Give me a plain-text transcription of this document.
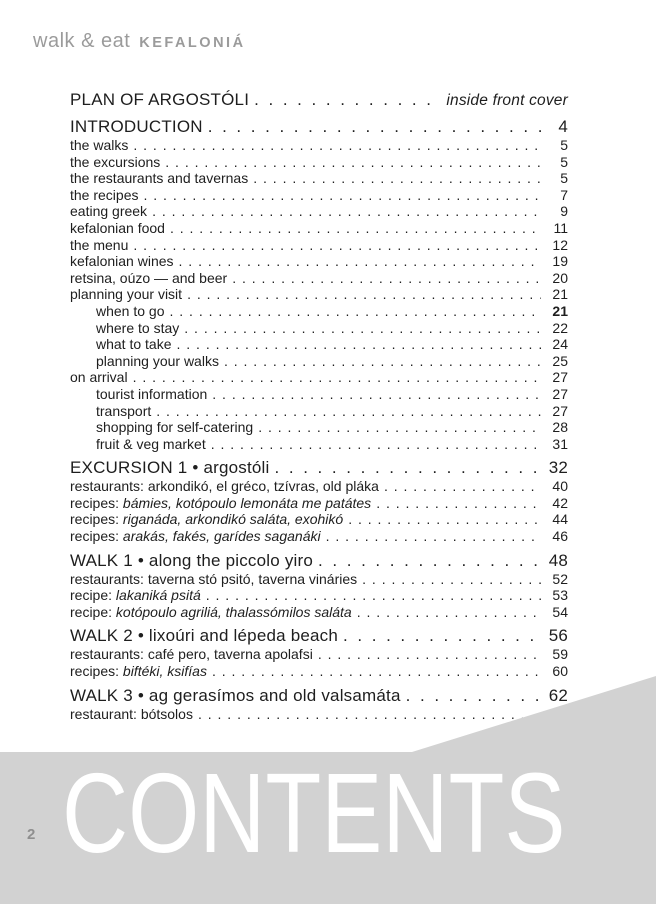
walk & eat KEFALONIÁ
PLAN OF ARGOSTÓLI . . .	inside front cover
INTRODUCTION . . .	4
the walks . . .	5
the excursions . . .	5
the restaurants and tavernas . . .	5
the recipes . . .	7
eating greek . . .	9
kefalonian food . . .	11
the menu . . .	12
kefalonian wines . . .	19
retsina, oúzo — and beer . . .	20
planning your visit . . .	21
when to go . . .	21
where to stay . . .	22
what to take . . .	24
planning your walks . . .	25
on arrival . . .	27
tourist information . . .	27
transport . . .	27
shopping for self-catering . . .	28
fruit & veg market . . .	31
EXCURSION 1 • argostóli . . .	32
restaurants: arkondikó, el gréco, tzívras, old pláka . . .	40
recipes: bámies, kotópoulo lemonáta me patátes . . .	42
recipes: riganáda, arkondikó saláta, exohikó . . .	44
recipes: arakás, fakés, garídes saganáki . . .	46
WALK 1 • along the piccolo yiro . . .	48
restaurants: taverna stó psitó, taverna vináries . . .	52
recipe: lakaniká psitá . . .	53
recipe: kotópoulo agriliá, thalassómilos saláta . . .	54
WALK 2 • lixoúri and lépeda beach . . .	56
restaurants: café pero, taverna apolafsi . . .	59
recipes: biftéki, ksifías . . .	60
WALK 3 • ag gerasímos and old valsamáta . . .	62
restaurant: bótsolos
. . .
CONTENTS
2
